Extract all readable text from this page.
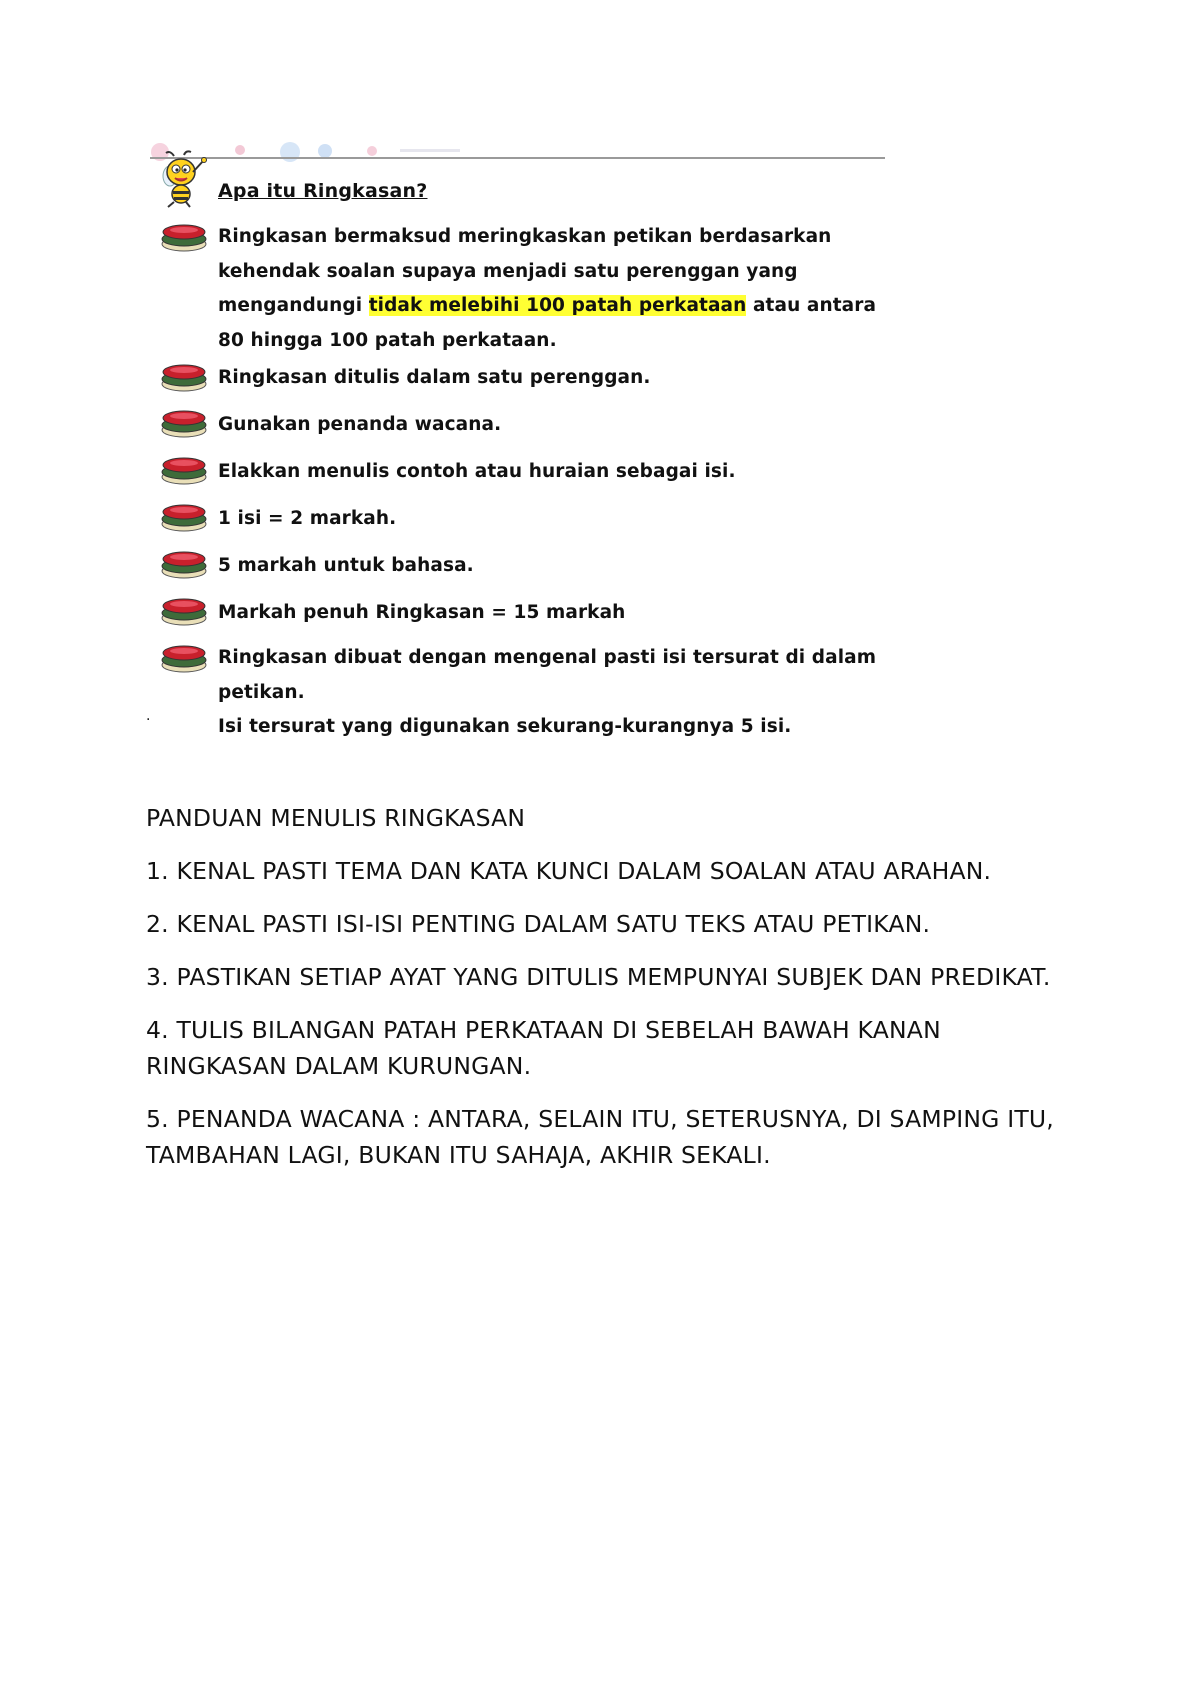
Apa itu Ringkasan?
Ringkasan bermaksud meringkaskan petikan berdasarkan kehendak soalan supaya menjadi satu perenggan yang mengandungi tidak melebihi 100 patah perkataan atau antara 80 hingga 100 patah perkataan.
Ringkasan ditulis dalam satu perenggan.
Gunakan penanda wacana.
Elakkan menulis contoh atau huraian sebagai isi.
1 isi = 2 markah.
5 markah untuk bahasa.
Markah penuh Ringkasan = 15 markah
Ringkasan dibuat dengan mengenal pasti isi tersurat di dalam petikan.
Isi tersurat yang digunakan sekurang-kurangnya 5 isi.
.

PANDUAN MENULIS RINGKASAN

1. KENAL PASTI TEMA DAN KATA KUNCI DALAM SOALAN ATAU ARAHAN.

2. KENAL PASTI ISI-ISI PENTING DALAM SATU TEKS ATAU PETIKAN.

3. PASTIKAN SETIAP AYAT YANG DITULIS MEMPUNYAI SUBJEK DAN PREDIKAT.

4. TULIS BILANGAN PATAH PERKATAAN DI SEBELAH BAWAH KANAN RINGKASAN DALAM KURUNGAN.

5. PENANDA WACANA : ANTARA, SELAIN ITU, SETERUSNYA, DI SAMPING ITU, TAMBAHAN LAGI, BUKAN ITU SAHAJA, AKHIR SEKALI.
